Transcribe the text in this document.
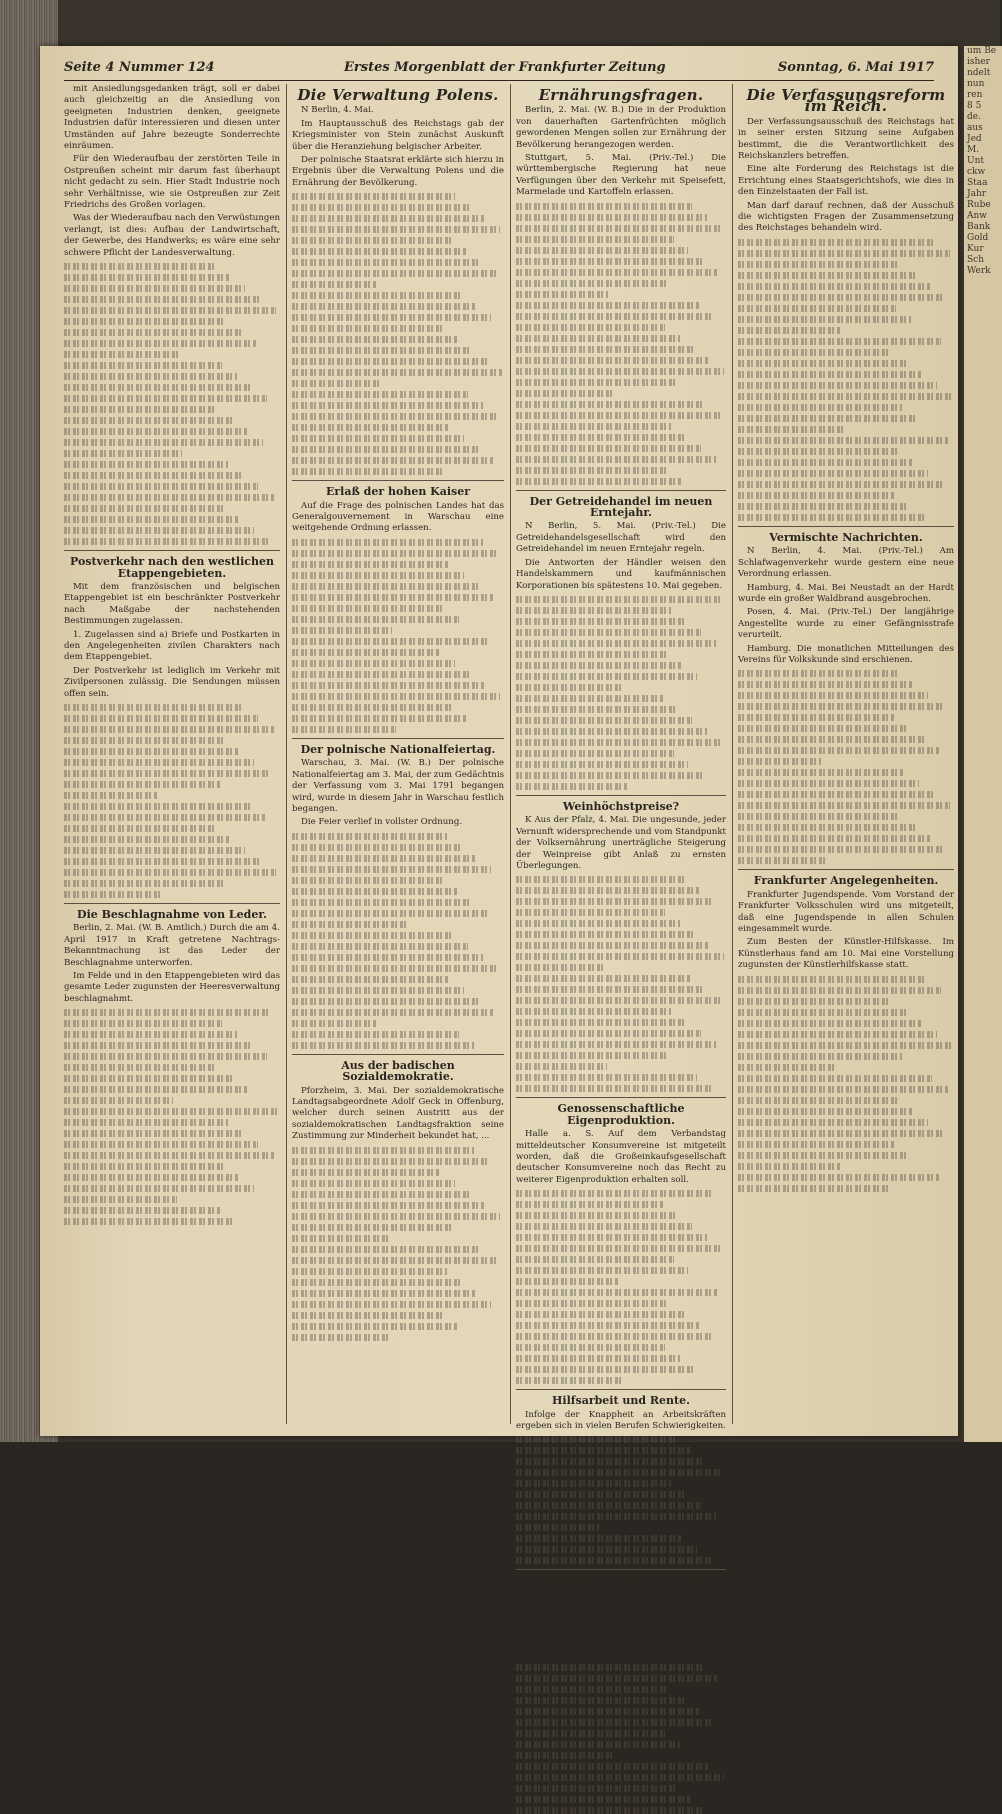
um Be
isher
ndelt
nun
ren
8 5
de.
aus
Jed
M.
Unt
ckw
Staa
Jahr
Rube
Anw
Bank
Gold
Kur
Sch
Werk
Seite 4 Nummer 124	Erstes Morgenblatt der Frankfurter Zeitung	Sonntag, 6. Mai 1917

mit Ansiedlungsgedanken trägt, soll er dabei auch gleichzeitig an die Ansiedlung von geeigneten Industrien denken, geeignete Industrien dafür interessieren und diesen unter Umständen auf Jahre bezeugte Sonderrechte einräumen.

Für den Wiederaufbau der zerstörten Teile in Ostpreußen scheint mir darum fast überhaupt nicht gedacht zu sein. Hier Stadt Industrie noch sehr Verhältnisse, wie sie Ostpreußen zur Zeit Friedrichs des Großen vorlagen.

Was der Wiederaufbau nach den Verwüstungen verlangt, ist dies: Aufbau der Landwirtschaft, der Gewerbe, des Handwerks; es wäre eine sehr schwere Pflicht der Landesverwaltung.

Postverkehr nach den westlichen Etappengebieten.

Mit dem französischen und belgischen Etappengebiet ist ein beschränkter Postverkehr nach Maßgabe der nachstehenden Bestimmungen zugelassen.

1. Zugelassen sind a) Briefe und Postkarten in den Angelegenheiten zivilen Charakters nach dem Etappengebiet.

Der Postverkehr ist lediglich im Verkehr mit Zivilpersonen zulässig. Die Sendungen müssen offen sein.

Die Beschlagnahme von Leder.

Berlin, 2. Mai. (W. B. Amtlich.) Durch die am 4. April 1917 in Kraft getretene Nachtrags-Bekanntmachung ist das Leder der Beschlagnahme unterworfen.

Im Felde und in den Etappengebieten wird das gesamte Leder zugunsten der Heeresverwaltung beschlagnahmt.

Die Verwaltung Polens.

N Berlin, 4. Mai.

Im Hauptausschuß des Reichstags gab der Kriegsminister von Stein zunächst Auskunft über die Heranziehung belgischer Arbeiter.

Der polnische Staatsrat erklärte sich hierzu in Ergebnis über die Verwaltung Polens und die Ernährung der Bevölkerung.

Erlaß der hohen Kaiser

Auf die Frage des polnischen Landes hat das Generalgouvernement in Warschau eine weitgehende Ordnung erlassen.

Der polnische Nationalfeiertag.

Warschau, 3. Mai. (W. B.) Der polnische Nationalfeiertag am 3. Mai, der zum Gedächtnis der Verfassung vom 3. Mai 1791 begangen wird, wurde in diesem Jahr in Warschau festlich begangen.

Die Feier verlief in vollster Ordnung.

Aus der badischen Sozialdemokratie.

Pforzheim, 3. Mai. Der sozialdemokratische Landtagsabgeordnete Adolf Geck in Offenburg, welcher durch seinen Austritt aus der sozialdemokratischen Landtagsfraktion seine Zustimmung zur Minderheit bekundet hat, ...

Ernährungsfragen.

Berlin, 2. Mai. (W. B.) Die in der Produktion von dauerhaften Gartenfrüchten möglich gewordenen Mengen sollen zur Ernährung der Bevölkerung herangezogen werden.

Stuttgart, 5. Mai. (Priv.-Tel.) Die württembergische Regierung hat neue Verfügungen über den Verkehr mit Speisefett, Marmelade und Kartoffeln erlassen.

Der Getreidehandel im neuen Erntejahr.

N Berlin, 5. Mai. (Priv.-Tel.) Die Getreidehandelsgesellschaft wird den Getreidehandel im neuen Erntejahr regeln.

Die Antworten der Händler weisen den Handelskammern und kaufmännischen Korporationen bis spätestens 10. Mai gegeben.

Weinhöchstpreise?

K Aus der Pfalz, 4. Mai. Die ungesunde, jeder Vernunft widersprechende und vom Standpunkt der Volksernährung unerträgliche Steigerung der Weinpreise gibt Anlaß zu ernsten Überlegungen.

Genossenschaftliche Eigenproduktion.

Halle a. S. Auf dem Verbandstag mitteldeutscher Konsumvereine ist mitgeteilt worden, daß die Großeinkaufsgesellschaft deutscher Konsumvereine noch das Recht zu weiterer Eigenproduktion erhalten soll.

Hilfsarbeit und Rente.

Infolge der Knappheit an Arbeitskräften ergeben sich in vielen Berufen Schwierigkeiten.

Kleine Kriegsmeldungen.

Amsterdam, 4. Mai. (W. B.) Die Times meldet vom 28. April amtliche Verluste von 400 Offizieren und 4880 Mann.

Haag, 4. Mai. (W. B.) Der Präsident der Zweiten Kammer erklärte Kriegsminister Bosboom in Beantwortung einer Anfrage.

Die Verfassungsreform im Reich.

Der Verfassungsausschuß des Reichstags hat in seiner ersten Sitzung seine Aufgaben bestimmt, die die Verantwortlichkeit des Reichskanzlers betreffen.

Eine alte Forderung des Reichstags ist die Errichtung eines Staatsgerichtshofs, wie dies in den Einzelstaaten der Fall ist.

Man darf darauf rechnen, daß der Ausschuß die wichtigsten Fragen der Zusammensetzung des Reichstages behandeln wird.

Vermischte Nachrichten.

N Berlin, 4. Mai. (Priv.-Tel.) Am Schlafwagenverkehr wurde gestern eine neue Verordnung erlassen.

Hamburg, 4. Mai. Bei Neustadt an der Hardt wurde ein großer Waldbrand ausgebrochen.

Posen, 4. Mai. (Priv.-Tel.) Der langjährige Angestellte wurde zu einer Gefängnisstrafe verurteilt.

Hamburg. Die monatlichen Mitteilungen des Vereins für Volkskunde sind erschienen.

Frankfurter Angelegenheiten.

Frankfurter Jugendspende. Vom Vorstand der Frankfurter Volksschulen wird uns mitgeteilt, daß eine Jugendspende in allen Schulen eingesammelt wurde.

Zum Besten der Künstler-Hilfskasse. Im Künstlerhaus fand am 10. Mai eine Vorstellung zugunsten der Künstlerhilfskasse statt.
